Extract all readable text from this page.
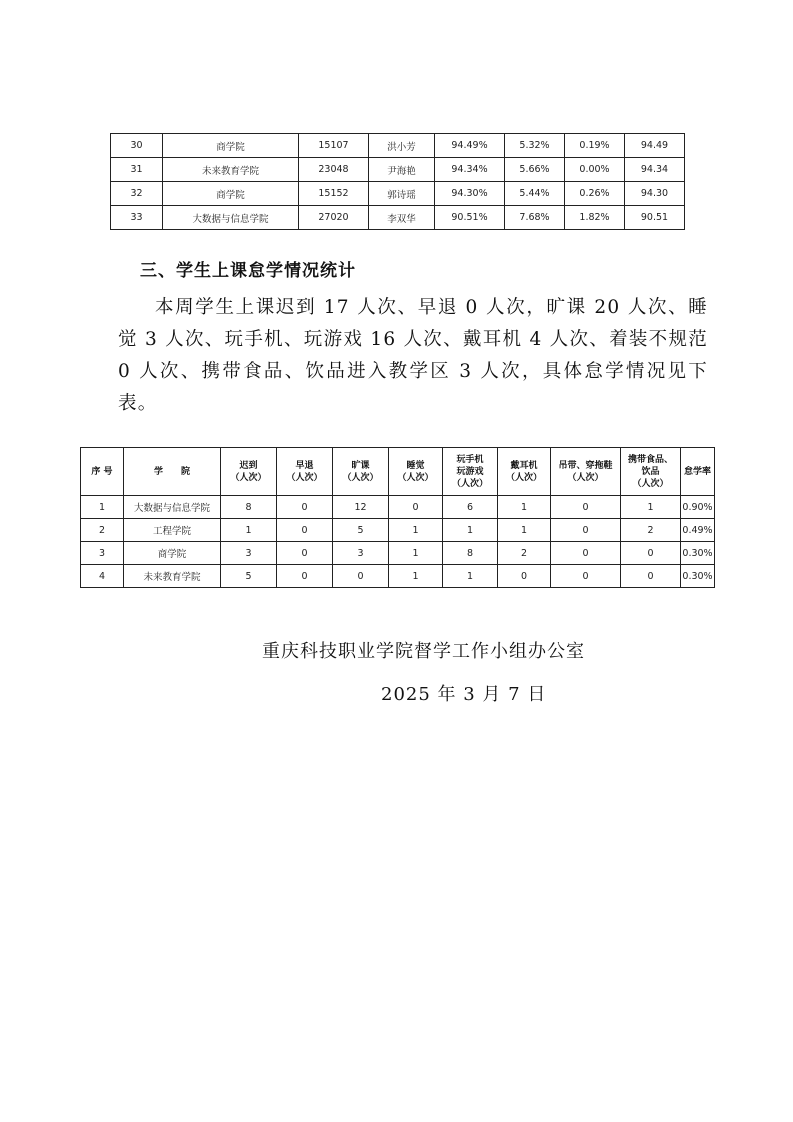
30	商学院	15107	洪小芳	94.49%	5.32%	0.19%	94.49
31	未来教育学院	23048	尹海艳	94.34%	5.66%	0.00%	94.34
32	商学院	15152	郭诗瑶	94.30%	5.44%	0.26%	94.30
33	大数据与信息学院	27020	李双华	90.51%	7.68%	1.82%	90.51
三、学生上课怠学情况统计

本周学生上课迟到 17 人次、早退 0 人次，旷课 20 人次、睡觉 3 人次、玩手机、玩游戏 16 人次、戴耳机 4 人次、着装不规范 0 人次、携带食品、饮品进入教学区 3 人次，具体怠学情况见下表。

序 号	学　　院	迟到
（人次）	早退
（人次）	旷课
（人次）	睡觉
（人次）	玩手机
玩游戏
（人次）	戴耳机
（人次）	吊带、穿拖鞋
（人次）	携带食品、
饮品
（人次）	怠学率
1	大数据与信息学院	8	0	12	0	6	1	0	1	0.90%
2	工程学院	1	0	5	1	1	1	0	2	0.49%
3	商学院	3	0	3	1	8	2	0	0	0.30%
4	未来教育学院	5	0	0	1	1	0	0	0	0.30%

重庆科技职业学院督学工作小组办公室

2025 年 3 月 7 日
